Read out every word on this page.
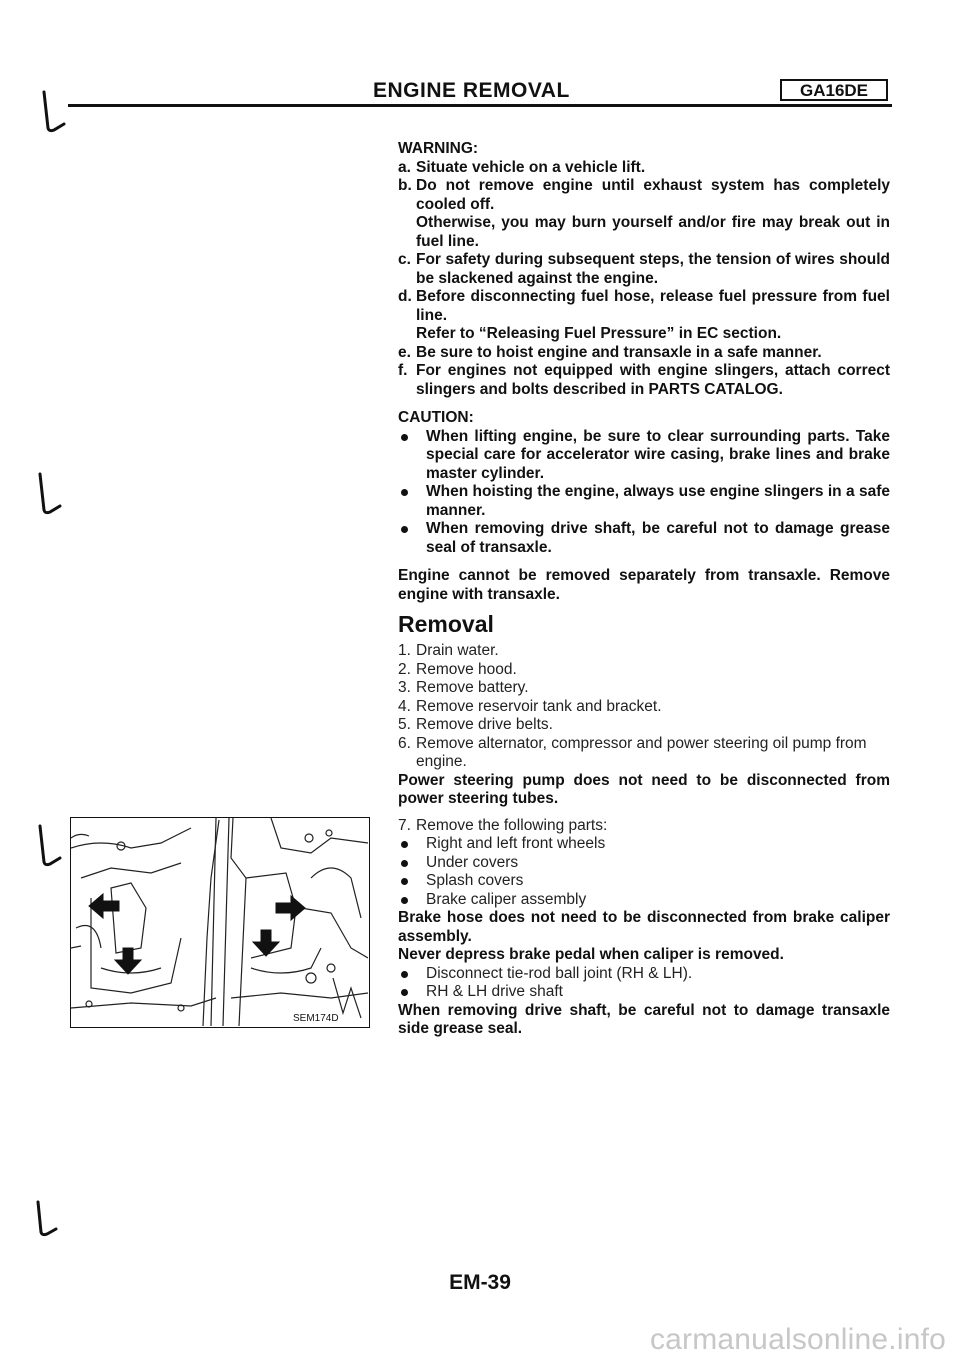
ENGINE REMOVAL	GA16DE
WARNING:
a. Situate vehicle on a vehicle lift.
b. Do not remove engine until exhaust system has completely cooled off.
Otherwise, you may burn yourself and/or fire may break out in fuel line.
c. For safety during subsequent steps, the tension of wires should be slackened against the engine.
d. Before disconnecting fuel hose, release fuel pressure from fuel line.
Refer to “Releasing Fuel Pressure” in EC section.
e. Be sure to hoist engine and transaxle in a safe manner.
f. For engines not equipped with engine slingers, attach correct slingers and bolts described in PARTS CATALOG.
CAUTION:
When lifting engine, be sure to clear surrounding parts. Take special care for accelerator wire casing, brake lines and brake master cylinder.
When hoisting the engine, always use engine slingers in a safe manner.
When removing drive shaft, be careful not to damage grease seal of transaxle.
Engine cannot be removed separately from transaxle. Remove engine with transaxle.
Removal
1. Drain water.
2. Remove hood.
3. Remove battery.
4. Remove reservoir tank and bracket.
5. Remove drive belts.
6. Remove alternator, compressor and power steering oil pump from engine.
Power steering pump does not need to be disconnected from power steering tubes.
7. Remove the following parts:
Right and left front wheels
Under covers
Splash covers
Brake caliper assembly
Brake hose does not need to be disconnected from brake caliper assembly.
Never depress brake pedal when caliper is removed.
Disconnect tie-rod ball joint (RH & LH).
RH & LH drive shaft
When removing drive shaft, be careful not to damage transaxle side grease seal.
SEM174D
EM-39
carmanualsonline.info
